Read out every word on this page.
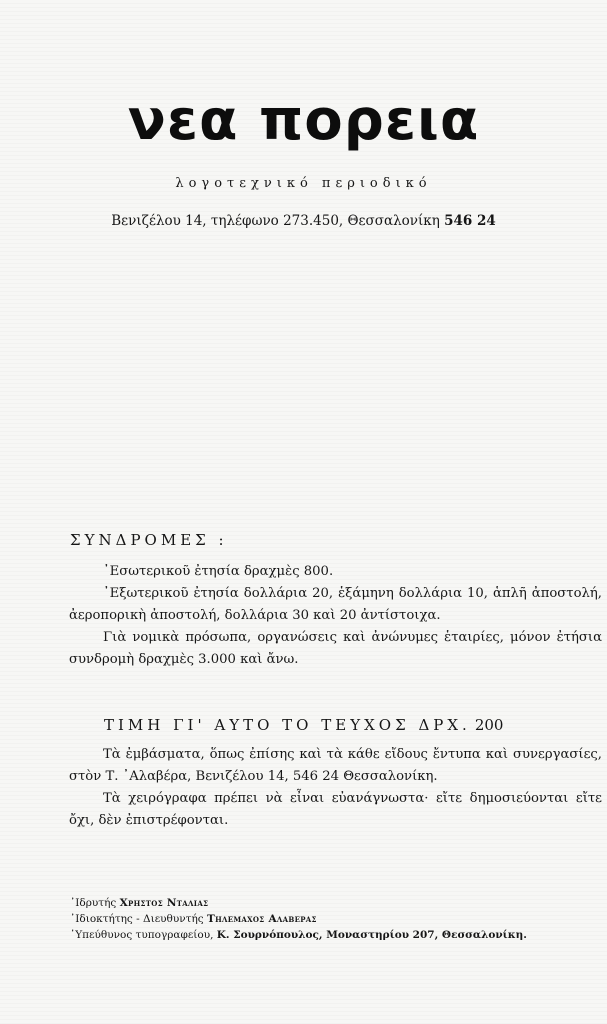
νεα πορεια

λογοτεχνικό περιοδικό

Βενιζέλου 14, τηλέφωνο 273.450, Θεσσαλονίκη 546 24

ΣΥΝΔΡΟΜΕΣ :

᾿Εσωτερικοῦ ἐτησία δραχμὲς 800.
᾿Εξωτερικοῦ ἐτησία δολλάρια 20, ἑξάμηνη δολλάρια 10, ἁπλῆ ἀποστολή, ἀεροπορικὴ ἀποστολή, δολλάρια 30 καὶ 20 ἀντίστοιχα.
Γιὰ νομικὰ πρόσωπα, οργανώσεις καὶ ἀνώνυμες ἑταιρίες, μόνον ἐτήσια συνδρομὴ δραχμὲς 3.000 καὶ ἄνω.

ΤΙΜΗ ΓΙ' ΑΥΤΟ ΤΟ ΤΕΥΧΟΣ ΔΡΧ. 200

Τὰ ἐμβάσματα, ὅπως ἐπίσης καὶ τὰ κάθε εἴδους ἔντυπα καὶ συνεργασίες, στὸν Τ. ᾿Αλαβέρα, Βενιζέλου 14, 546 24 Θεσσαλονίκη.
Τὰ χειρόγραφα πρέπει νὰ εἶναι εὐανάγνωστα· εἴτε δημοσιεύονται εἴτε ὄχι, δὲν ἐπιστρέφονται.

᾿Ιδρυτής Χρηστος Νταλιας
᾿Ιδιοκτήτης - Διευθυντής Τηλεμαχος Αλαβερας
῾Υπεύθυνος τυπογραφείου, Κ. Σουρνόπουλος, Μοναστηρίου 207, Θεσσαλονίκη.
